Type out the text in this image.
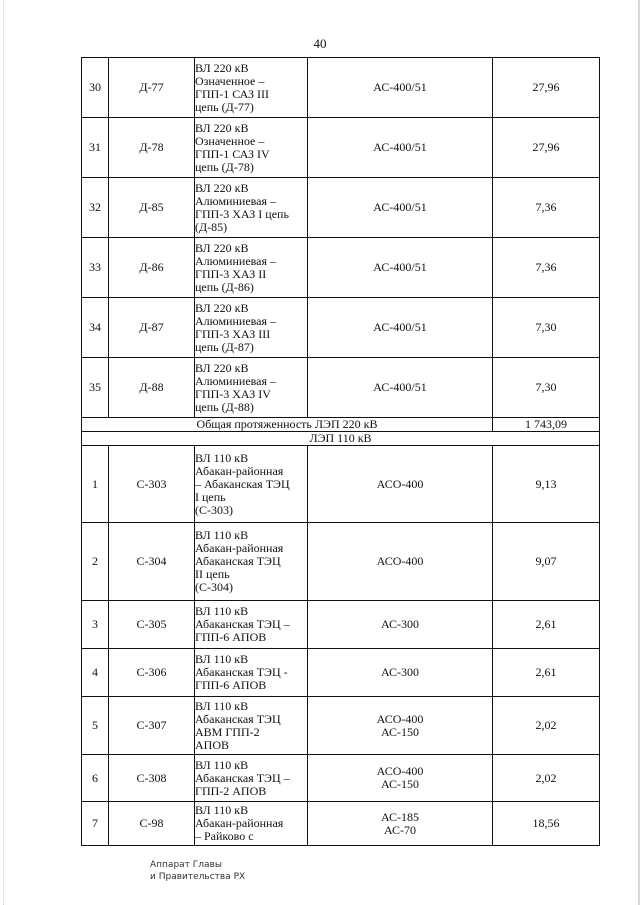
40
30	Д-77	ВЛ 220 кВ
Означенное –
ГПП-1 САЗ III
цепь (Д-77)	АС-400/51	27,96
31	Д-78	ВЛ 220 кВ
Означенное –
ГПП-1 САЗ IV
цепь (Д-78)	АС-400/51	27,96
32	Д-85	ВЛ 220 кВ
Алюминиевая –
ГПП-3 ХАЗ I цепь
(Д-85)	АС-400/51	7,36
33	Д-86	ВЛ 220 кВ
Алюминиевая –
ГПП-3 ХАЗ II
цепь (Д-86)	АС-400/51	7,36
34	Д-87	ВЛ 220 кВ
Алюминиевая –
ГПП-3 ХАЗ III
цепь (Д-87)	АС-400/51	7,30
35	Д-88	ВЛ 220 кВ
Алюминиевая –
ГПП-3 ХАЗ IV
цепь (Д-88)	АС-400/51	7,30
Общая протяженность ЛЭП 220 кВ				1 743,09
ЛЭП 110 кВ				
1	С-303	ВЛ 110 кВ
Абакан-районная
– Абаканская ТЭЦ
I цепь
(С-303)	АСО-400	9,13
2	С-304	ВЛ 110 кВ
Абакан-районная
Абаканская ТЭЦ
II цепь
(С-304)	АСО-400	9,07
3	С-305	ВЛ 110 кВ
Абаканская ТЭЦ –
ГПП-6 АПОВ	АС-300	2,61
4	С-306	ВЛ 110 кВ
Абаканская ТЭЦ -
ГПП-6 АПОВ	АС-300	2,61
5	С-307	ВЛ 110 кВ
Абаканская ТЭЦ
АВМ ГПП-2
АПОВ	АСО-400
АС-150	2,02
6	С-308	ВЛ 110 кВ
Абаканская ТЭЦ –
ГПП-2 АПОВ	АСО-400
АС-150	2,02
7	С-98	ВЛ 110 кВ
Абакан-районная
– Райково с	АС-185
АС-70	18,56
Аппарат Главы
и Правительства РХ
